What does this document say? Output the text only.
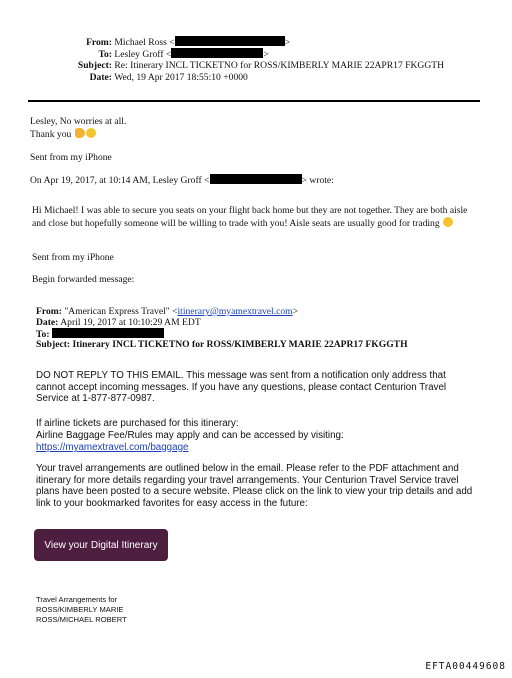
From: Michael Ross <	>
To: Lesley Groff <	>
Subject: Re: Itinerary INCL TICKETNO for ROSS/KIMBERLY MARIE 22APR17 FKGGTH
Date: Wed, 19 Apr 2017 18:55:10 +0000
Lesley, No worries at all.
Thank you
Sent from my iPhone
On Apr 19, 2017, at 10:14 AM, Lesley Groff <	> wrote:
Hi Michael! I was able to secure you seats on your flight back home but they are not together. They are both aisle and close but hopefully someone will be willing to trade with you! Aisle seats are usually good for trading
Sent from my iPhone
Begin forwarded message:
From: "American Express Travel" <itinerary@myamextravel.com>
Date: April 19, 2017 at 10:10:29 AM EDT
To:
Subject: Itinerary INCL TICKETNO for ROSS/KIMBERLY MARIE 22APR17 FKGGTH
DO NOT REPLY TO THIS EMAIL. This message was sent from a notification only address that cannot accept incoming messages. If you have any questions, please contact Centurion Travel Service at 1-877-877-0987.
If airline tickets are purchased for this itinerary:
Airline Baggage Fee/Rules may apply and can be accessed by visiting:
https://myamextravel.com/baggage
Your travel arrangements are outlined below in the email. Please refer to the PDF attachment and itinerary for more details regarding your travel arrangements. Your Centurion Travel Service travel plans have been posted to a secure website. Please click on the link to view your trip details and add link to your bookmarked favorites for easy access in the future:
View your Digital Itinerary
Travel Arrangements for
ROSS/KIMBERLY MARIE
ROSS/MICHAEL ROBERT
EFTA00449608
